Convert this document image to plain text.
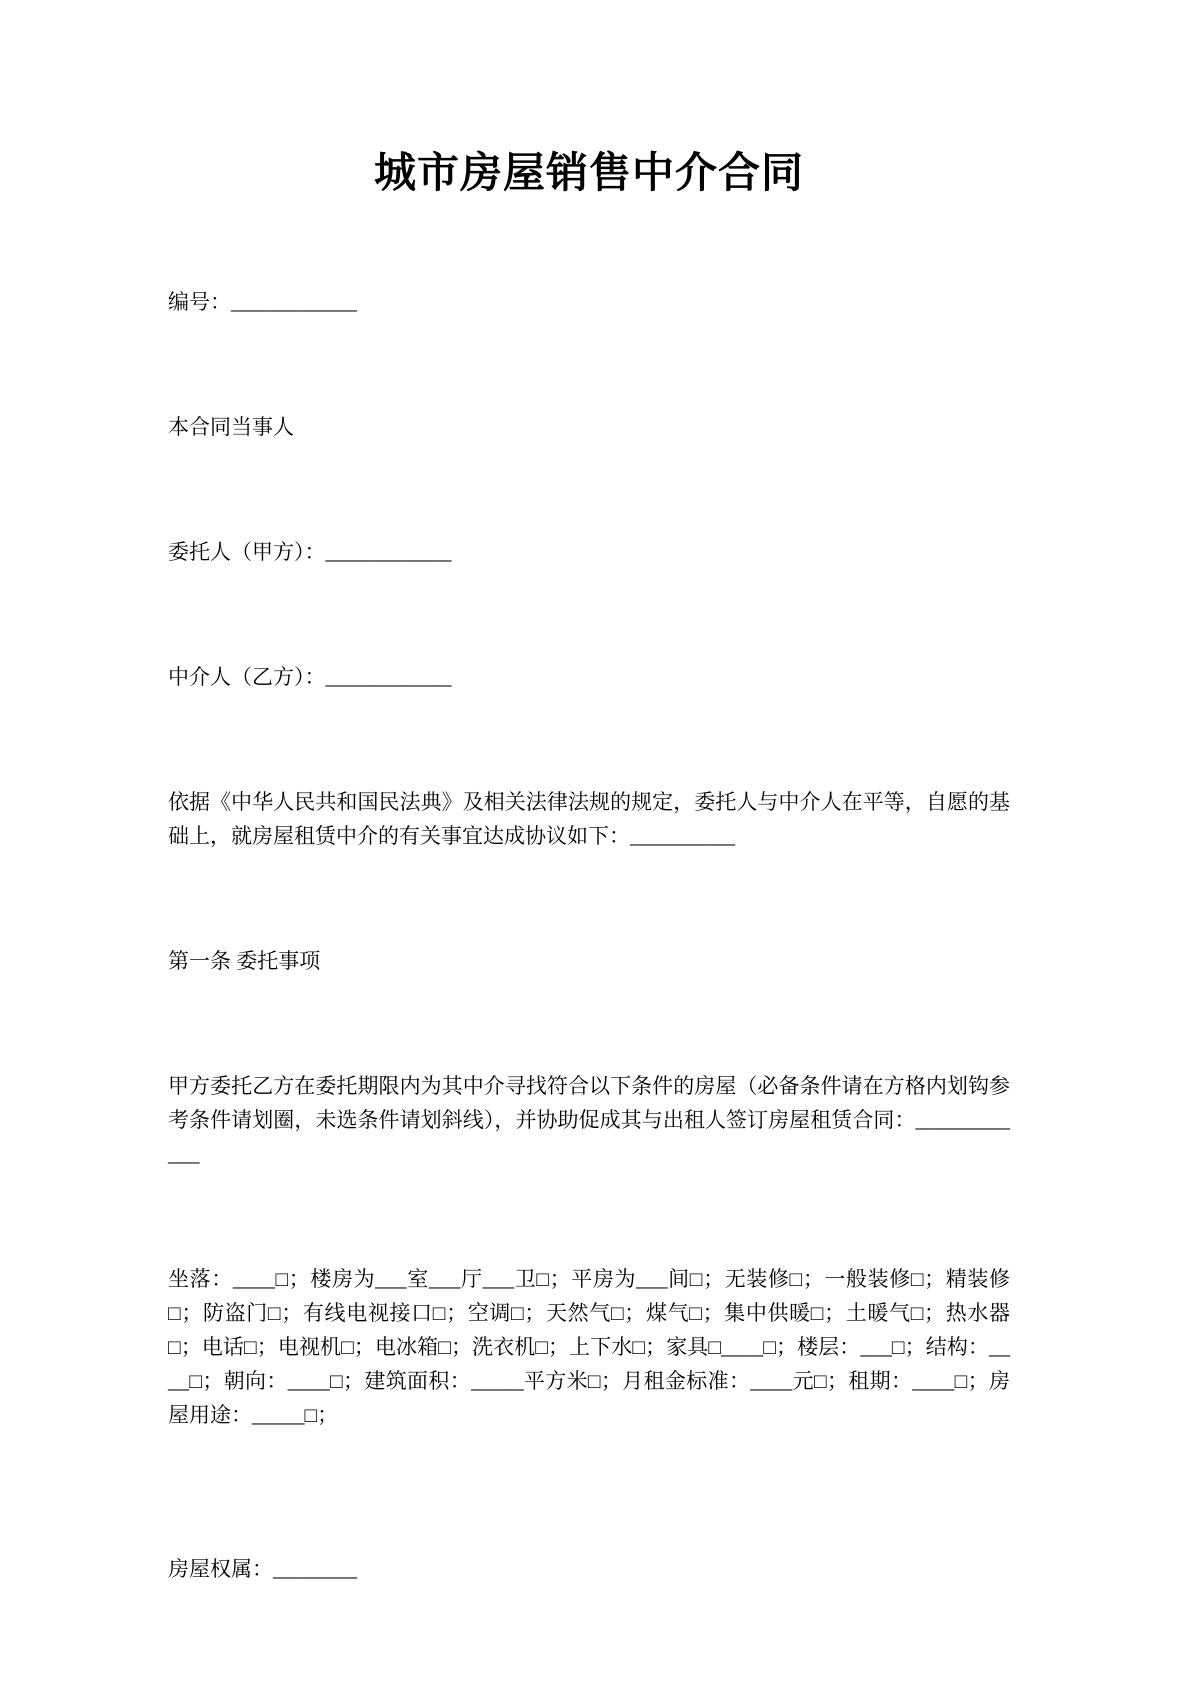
城市房屋销售中介合同

编号：____________

本合同当事人

委托人（甲方）：____________

中介人（乙方）：____________

依据《中华人民共和国民法典》及相关法律法规的规定，委托人与中介人在平等，自愿的基础上，就房屋租赁中介的有关事宜达成协议如下：__________

第一条 委托事项

甲方委托乙方在委托期限内为其中介寻找符合以下条件的房屋（必备条件请在方格内划钩参考条件请划圈，未选条件请划斜线），并协助促成其与出租人签订房屋租赁合同：____________

坐落：____□；楼房为___室___厅___卫□；平房为___间□；无装修□；一般装修□；精装修□；防盗门□；有线电视接口□；空调□；天然气□；煤气□；集中供暖□；土暖气□；热水器□；电话□；电视机□；电冰箱□；洗衣机□；上下水□；家具□____□；楼层：___□；结构：____□；朝向：____□；建筑面积：_____平方米□；月租金标准：____元□；租期：____□；房屋用途：_____□；

房屋权属：________
